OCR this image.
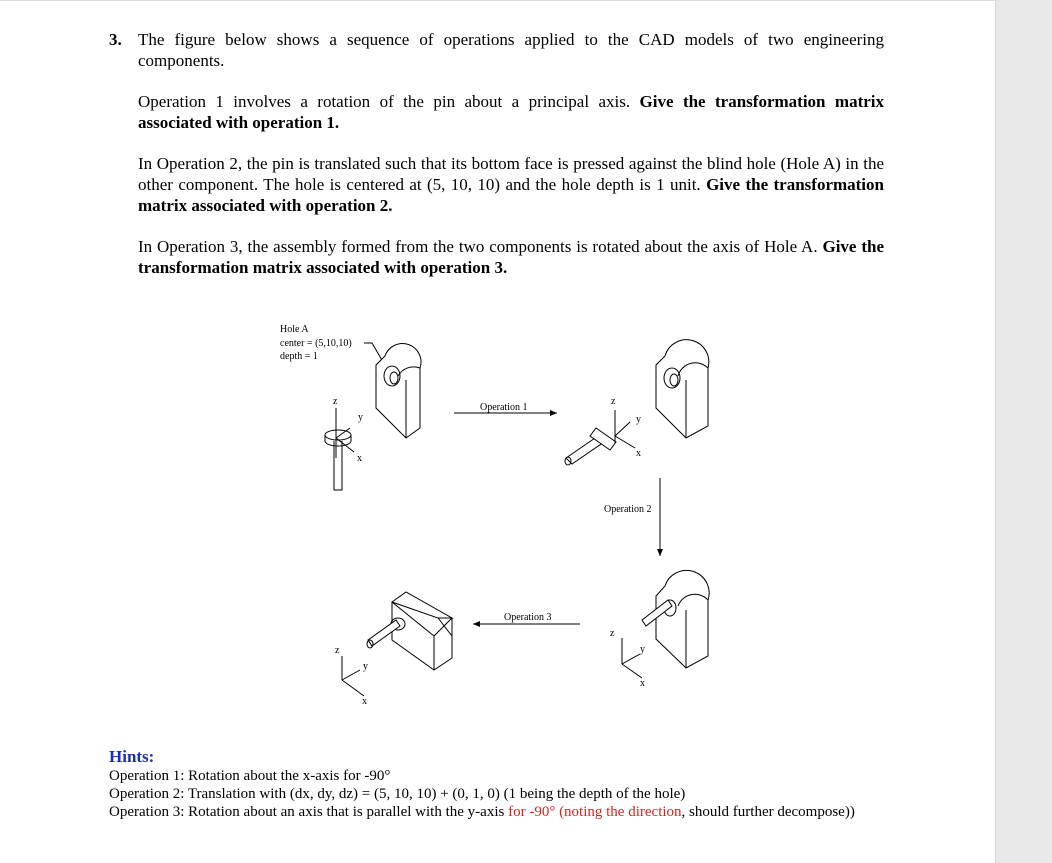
3. The figure below shows a sequence of operations applied to the CAD models of two engineering components.
Operation 1 involves a rotation of the pin about a principal axis. Give the transformation matrix associated with operation 1.
In Operation 2, the pin is translated such that its bottom face is pressed against the blind hole (Hole A) in the other component. The hole is centered at (5, 10, 10) and the hole depth is 1 unit. Give the transformation matrix associated with operation 2.
In Operation 3, the assembly formed from the two components is rotated about the axis of Hole A. Give the transformation matrix associated with operation 3.
Hole A
center = (5,10,10)
depth = 1
z
y
x
Operation 1
z
y
x
Operation 2
z
y
x
Operation 3
z
y
x
Hints:
Operation 1: Rotation about the x-axis for -90°
Operation 2: Translation with (dx, dy, dz) = (5, 10, 10) + (0, 1, 0) (1 being the depth of the hole)
Operation 3: Rotation about an axis that is parallel with the y-axis for -90° (noting the direction, should further decompose))
